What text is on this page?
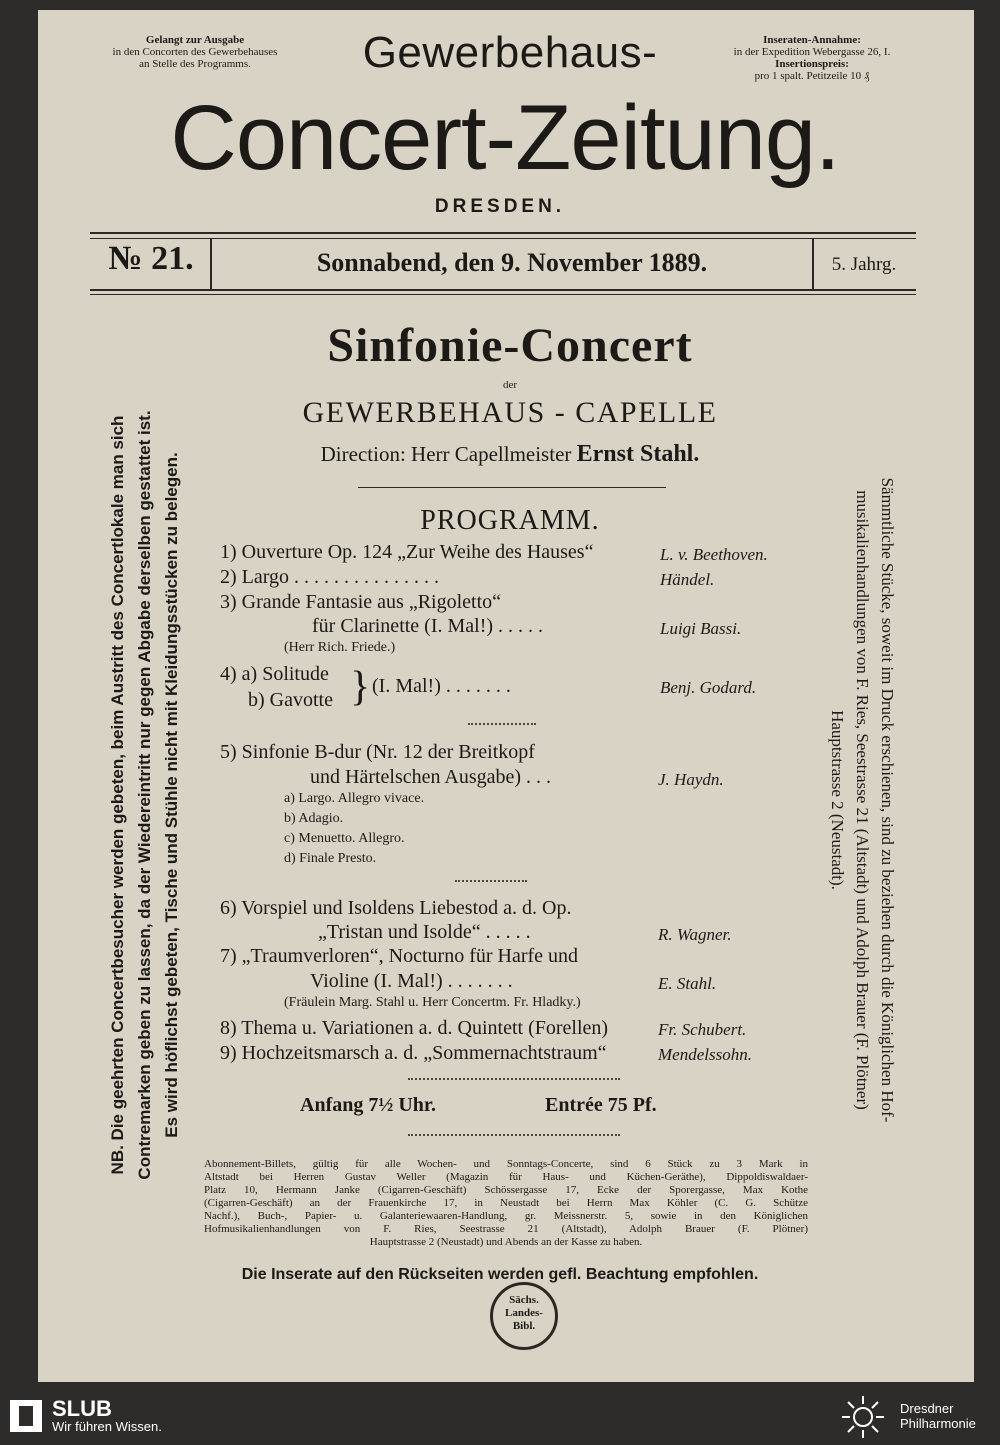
Gelangt zur Ausgabe
in den Concorten des Gewerbehauses
an Stelle des Programms.
Inseraten-Annahme:
in der Expedition Webergasse 26, I.
Insertionspreis:
pro 1 spalt. Petitzeile 10 ₰
Gewerbehaus-
Concert-Zeitung.
DRESDEN.
№ 21.	Sonnabend, den 9. November 1889.	5. Jahrg.
Sinfonie-Concert
der
GEWERBEHAUS - CAPELLE
Direction: Herr Capellmeister Ernst Stahl.
PROGRAMM.
1) Ouverture Op. 124 „Zur Weihe des Hauses“	L. v. Beethoven.
2) Largo . . . . . . . . . . . . . . .	Händel.
3) Grande Fantasie aus „Rigoletto“
für Clarinette (I. Mal!) . . . . .	Luigi Bassi.
(Herr Rich. Friede.)
4) a) Solitude
b) Gavotte } (I. Mal!) . . . . . . .	Benj. Godard.
5) Sinfonie B-dur (Nr. 12 der Breitkopf
und Härtelschen Ausgabe) . . .	J. Haydn.
a) Largo. Allegro vivace.
b) Adagio.
c) Menuetto. Allegro.
d) Finale Presto.
6) Vorspiel und Isoldens Liebestod a. d. Op.
„Tristan und Isolde“ . . . . .	R. Wagner.
7) „Traumverloren“, Nocturno für Harfe und
Violine (I. Mal!) . . . . . . .	E. Stahl.
(Fräulein Marg. Stahl u. Herr Concertm. Fr. Hladky.)
8) Thema u. Variationen a. d. Quintett (Forellen)	Fr. Schubert.
9) Hochzeitsmarsch a. d. „Sommernachtstraum“	Mendelssohn.
Anfang 7½ Uhr.	Entrée 75 Pf.
Abonnement-Billets, gültig für alle Wochen- und Sonntags-Concerte, sind 6 Stück zu 3 Mark in
Altstadt bei Herren Gustav Weller (Magazin für Haus- und Küchen-Geräthe), Dippoldiswaldaer-
Platz 10, Hermann Janke (Cigarren-Geschäft) Schössergasse 17, Ecke der Sporergasse, Max Kothe
(Cigarren-Geschäft) an der Frauenkirche 17, in Neustadt bei Herrn Max Köhler (C. G. Schütze
Nachf.), Buch-, Papier- u. Galanteriewaaren-Handlung, gr. Meissnerstr. 5, sowie in den Königlichen
Hofmusikalienhandlungen von F. Ries, Seestrasse 21 (Altstadt), Adolph Brauer (F. Plötner)
Hauptstrasse 2 (Neustadt) und Abends an der Kasse zu haben.
Die Inserate auf den Rückseiten werden gefl. Beachtung empfohlen.
Sächs.
Landes-
Bibl.
NB. Die geehrten Concertbesucher werden gebeten, beim Austritt des Concertlokale man sich Contremarken geben zu lassen, da der Wiedereintritt nur gegen Abgabe derselben gestattet ist. Es wird höflichst gebeten, Tische und Stühle nicht mit Kleidungsstücken zu belegen.	Sämmtliche Stücke, soweit im Druck erschienen, sind zu beziehen durch die Königlichen Hof-
musikalienhandlungen von F. Ries, Seestrasse 21 (Altstadt) und Adolph Brauer (F. Plötner)
Hauptstrasse 2 (Neustadt).
SLUB
Wir führen Wissen.
Dresdner
Philharmonie
